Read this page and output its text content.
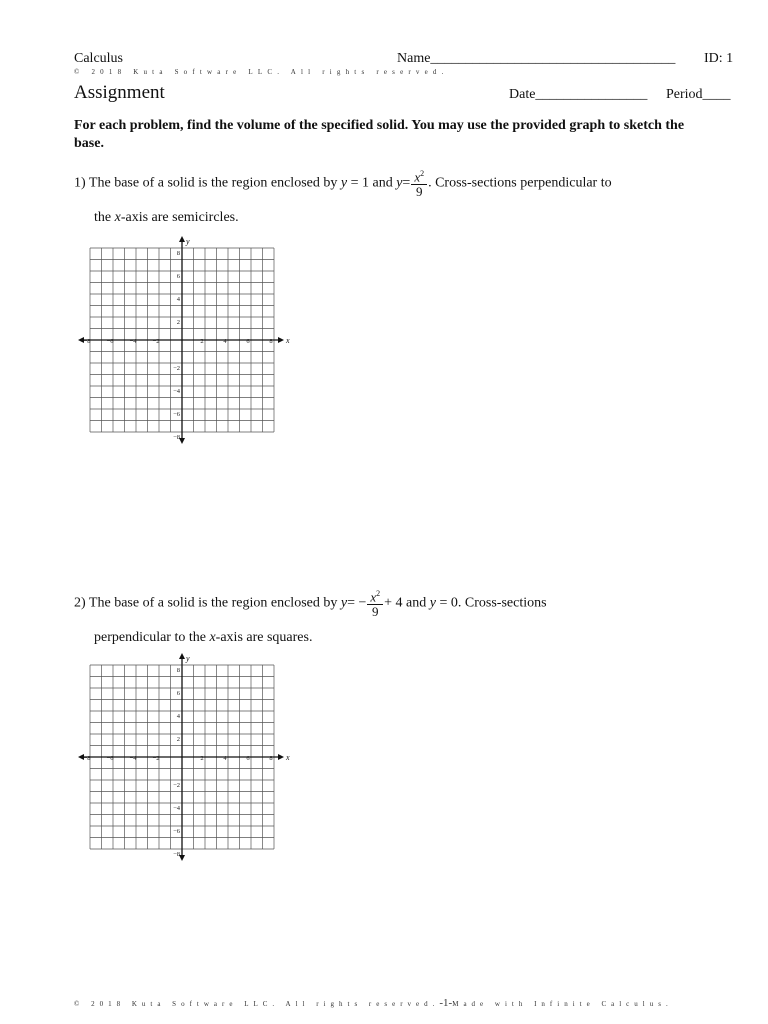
Calculus	Name___________________________________ ID: 1
© 2018 Kuta Software LLC. All rights reserved.
Assignment	Date________________ Period____
For each problem, find the volume of the specified solid. You may use the provided graph to sketch the base.
1) The base of a solid is the region enclosed by y = 1 and $y= \frac{x^2}{9}$ . Cross-sections perpendicular to
the x-axis are semicircles.
x
y
−8 −6 −4 −2	2	4	6	8
8
6
4
2
−2
−4
−6
−8
2) The base of a solid is the region enclosed by $y= - \frac{x^2}{9} + 4$ and y = 0. Cross-sections
perpendicular to the x-axis are squares.
x
y
−8 −6 −4 −2	2	4	6	8
8
6
4
2
−2
−4
−6
−8
© 2018 Kuta Software LLC. All rights reserved.-1-Made with Infinite Calculus.
